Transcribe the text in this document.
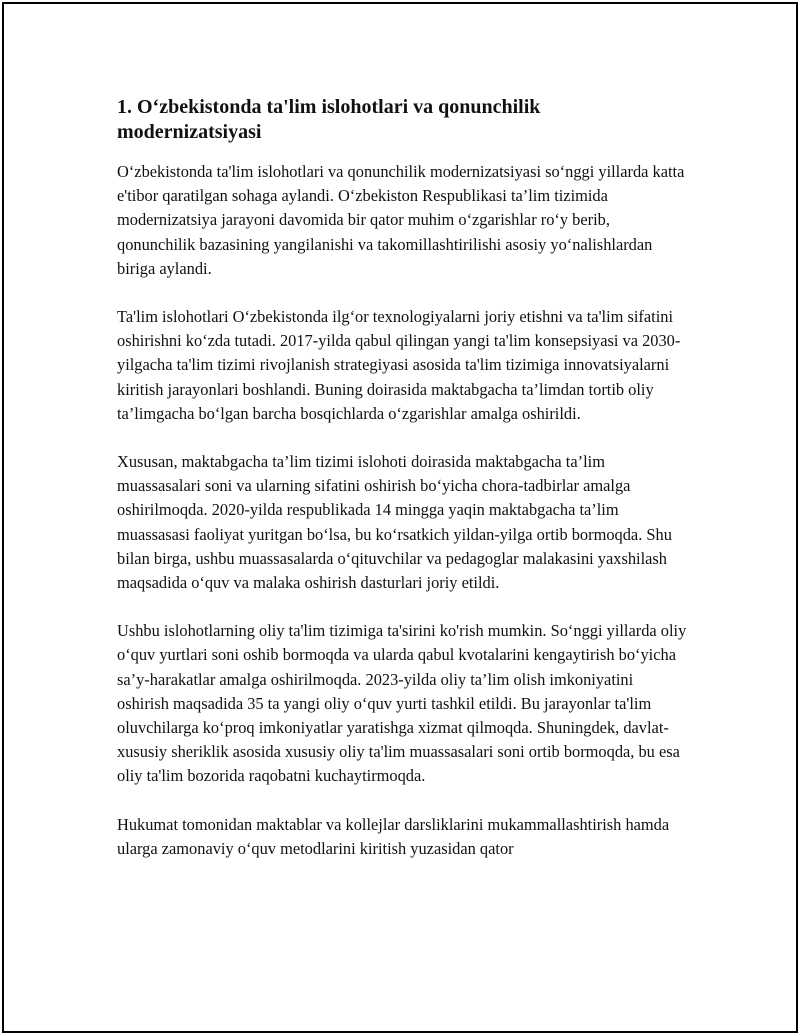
1. O‘zbekistonda ta'lim islohotlari va qonunchilik modernizatsiyasi

O‘zbekistonda ta'lim islohotlari va qonunchilik modernizatsiyasi so‘nggi yillarda katta e'tibor qaratilgan sohaga aylandi. O‘zbekiston Respublikasi ta’lim tizimida modernizatsiya jarayoni davomida bir qator muhim o‘zgarishlar ro‘y berib, qonunchilik bazasining yangilanishi va takomillashtirilishi asosiy yo‘nalishlardan biriga aylandi.

Ta'lim islohotlari O‘zbekistonda ilg‘or texnologiyalarni joriy etishni va ta'lim sifatini oshirishni ko‘zda tutadi. 2017-yilda qabul qilingan yangi ta'lim konsepsiyasi va 2030-yilgacha ta'lim tizimi rivojlanish strategiyasi asosida ta'lim tizimiga innovatsiyalarni kiritish jarayonlari boshlandi. Buning doirasida maktabgacha ta’limdan tortib oliy ta’limgacha bo‘lgan barcha bosqichlarda o‘zgarishlar amalga oshirildi.

Xususan, maktabgacha ta’lim tizimi islohoti doirasida maktabgacha ta’lim muassasalari soni va ularning sifatini oshirish bo‘yicha chora-tadbirlar amalga oshirilmoqda. 2020-yilda respublikada 14 mingga yaqin maktabgacha ta’lim muassasasi faoliyat yuritgan bo‘lsa, bu ko‘rsatkich yildan-yilga ortib bormoqda. Shu bilan birga, ushbu muassasalarda o‘qituvchilar va pedagoglar malakasini yaxshilash maqsadida o‘quv va malaka oshirish dasturlari joriy etildi.

Ushbu islohotlarning oliy ta'lim tizimiga ta'sirini ko'rish mumkin. So‘nggi yillarda oliy o‘quv yurtlari soni oshib bormoqda va ularda qabul kvotalarini kengaytirish bo‘yicha sa’y-harakatlar amalga oshirilmoqda. 2023-yilda oliy ta’lim olish imkoniyatini oshirish maqsadida 35 ta yangi oliy o‘quv yurti tashkil etildi. Bu jarayonlar ta'lim oluvchilarga ko‘proq imkoniyatlar yaratishga xizmat qilmoqda. Shuningdek, davlat-xususiy sheriklik asosida xususiy oliy ta'lim muassasalari soni ortib bormoqda, bu esa oliy ta'lim bozorida raqobatni kuchaytirmoqda.

Hukumat tomonidan maktablar va kollejlar darsliklarini mukammallashtirish hamda ularga zamonaviy o‘quv metodlarini kiritish yuzasidan qator
